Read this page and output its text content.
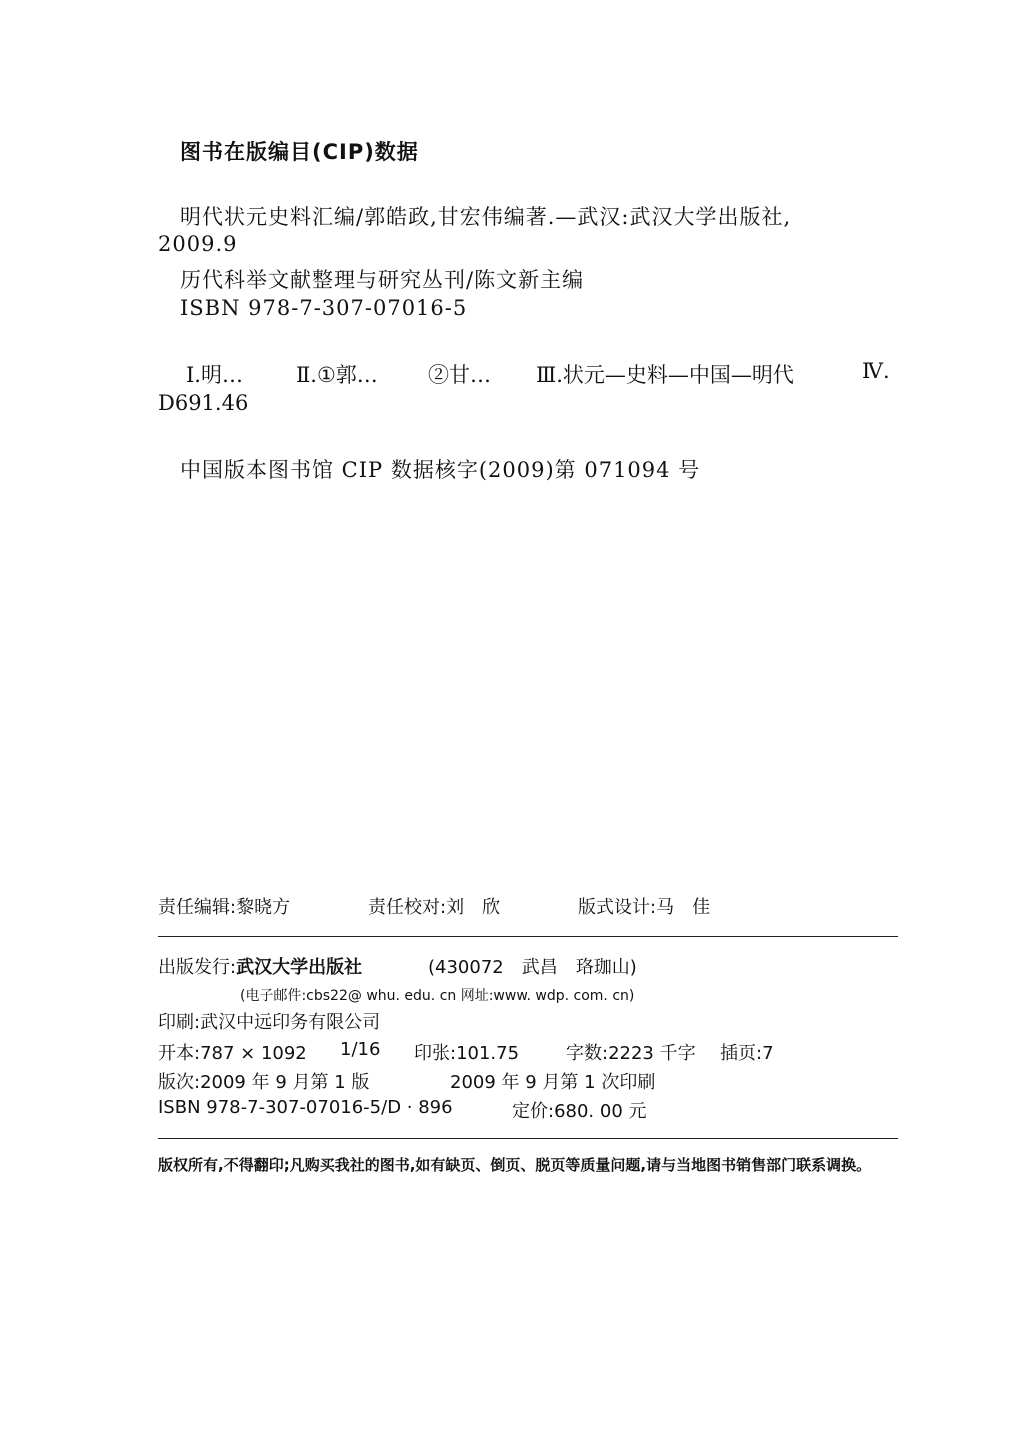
图书在版编目(CIP)数据
明代状元史料汇编/郭皓政,甘宏伟编著.—武汉:武汉大学出版社,
2009.9
历代科举文献整理与研究丛刊/陈文新主编
ISBN 978-7-307-07016-5
Ⅰ.明…	Ⅱ.①郭… ②甘… Ⅲ.状元—史料—中国—明代	Ⅳ.
D691.46
中国版本图书馆 CIP 数据核字(2009)第 071094 号
责任编辑:黎晓方	责任校对:刘　欣	版式设计:马　佳
出版发行:武汉大学出版社	(430072　武昌　珞珈山)
(电子邮件:cbs22@ whu. edu. cn 网址:www. wdp. com. cn)
印刷:武汉中远印务有限公司
开本:787 × 1092 1/16 印张:101.75	字数:2223 千字 插页:7
版次:2009 年 9 月第 1 版	2009 年 9 月第 1 次印刷
ISBN 978-7-307-07016-5/D · 896	定价:680. 00 元
版权所有,不得翻印;凡购买我社的图书,如有缺页、倒页、脱页等质量问题,请与当地图书销售部门联系调换。
